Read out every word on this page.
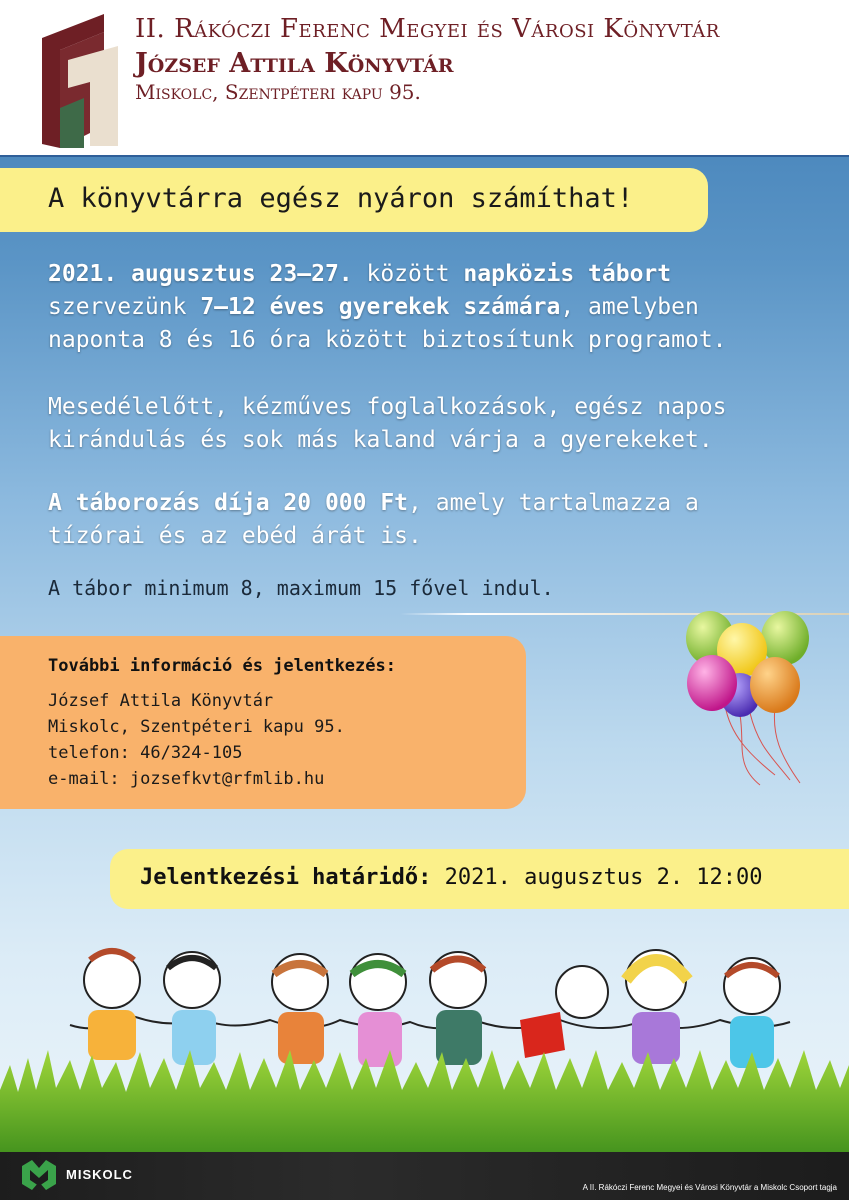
II. Rákóczi Ferenc Megyei és Városi Könyvtár
József Attila Könyvtár
Miskolc, Szentpéteri kapu 95.
A könyvtárra egész nyáron számíthat!
2021. augusztus 23–27. között napközis tábort
szervezünk 7–12 éves gyerekek számára, amelyben
naponta 8 és 16 óra között biztosítunk programot.
Mesedélelőtt, kézműves foglalkozások, egész napos
kirándulás és sok más kaland várja a gyerekeket.
A táborozás díja 20 000 Ft, amely tartalmazza a
tízórai és az ebéd árát is.
A tábor minimum 8, maximum 15 fővel indul.
További információ és jelentkezés:
József Attila Könyvtár
Miskolc, Szentpéteri kapu 95.
telefon: 46/324-105
e-mail: jozsefkvt@rfmlib.hu
Jelentkezési határidő: 2021. augusztus 2. 12:00
MISKOLC
A II. Rákóczi Ferenc Megyei és Városi Könyvtár a Miskolc Csoport tagja
